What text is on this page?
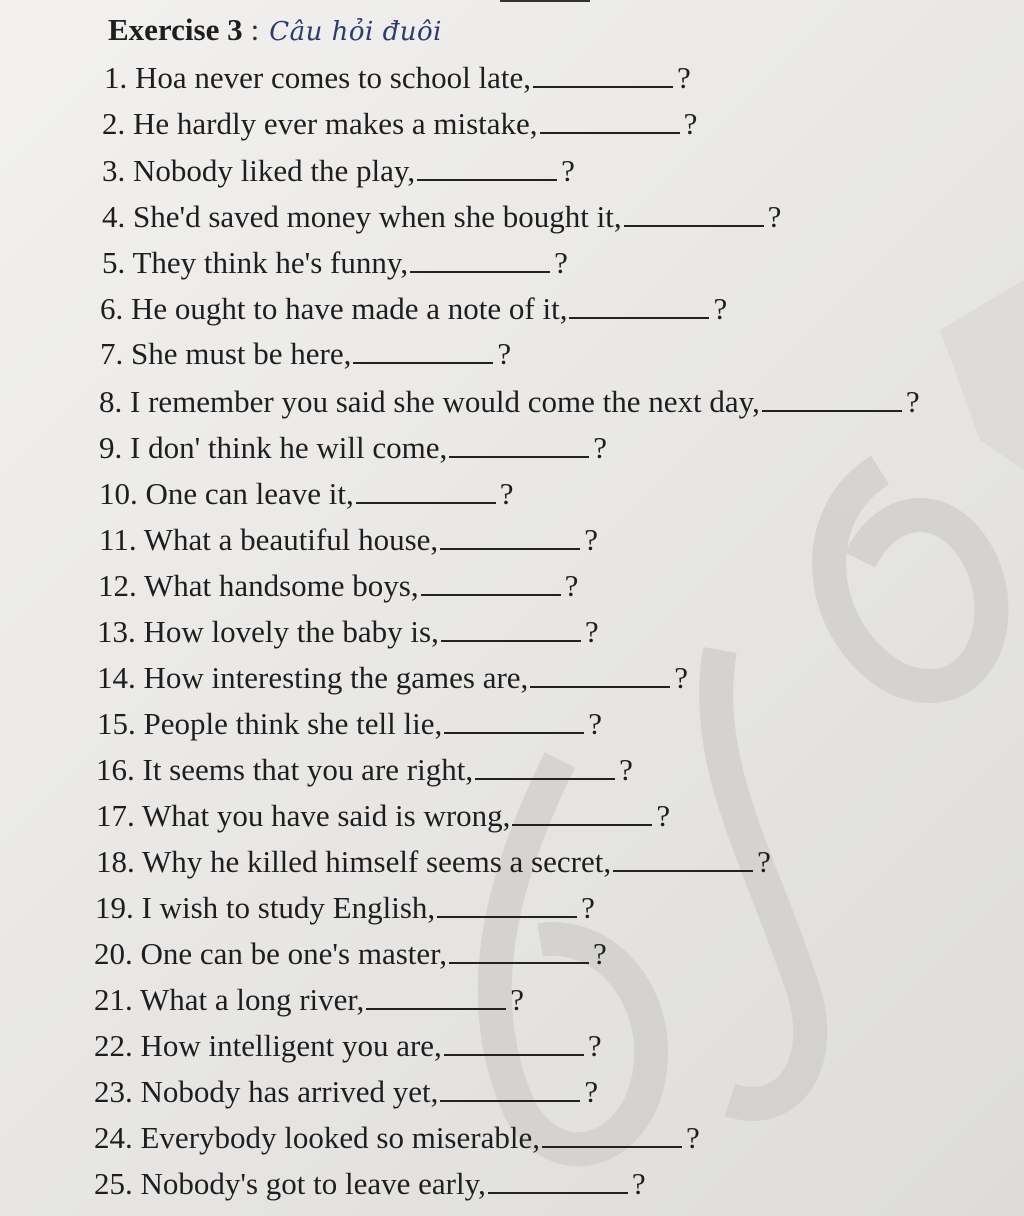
Exercise 3 : Câu hỏi đuôi
1. Hoa never comes to school late,	?
2. He hardly ever makes a mistake,	?
3. Nobody liked the play,	?
4. She'd saved money when she bought it,	?
5. They think he's funny,	?
6. He ought to have made a note of it,	?
7. She must be here,	?
8. I remember you said she would come the next day,	?
9. I don' think he will come,	?
10. One can leave it,	?
11. What a beautiful house,	?
12. What handsome boys,	?
13. How lovely the baby is,	?
14. How interesting the games are,	?
15. People think she tell lie,	?
16. It seems that you are right,	?
17. What you have said is wrong,	?
18. Why he killed himself seems a secret,	?
19. I wish to study English,	?
20. One can be one's master,	?
21. What a long river,	?
22. How intelligent you are,	?
23. Nobody has arrived yet,	?
24. Everybody looked so miserable,	?
25. Nobody's got to leave early,	?
